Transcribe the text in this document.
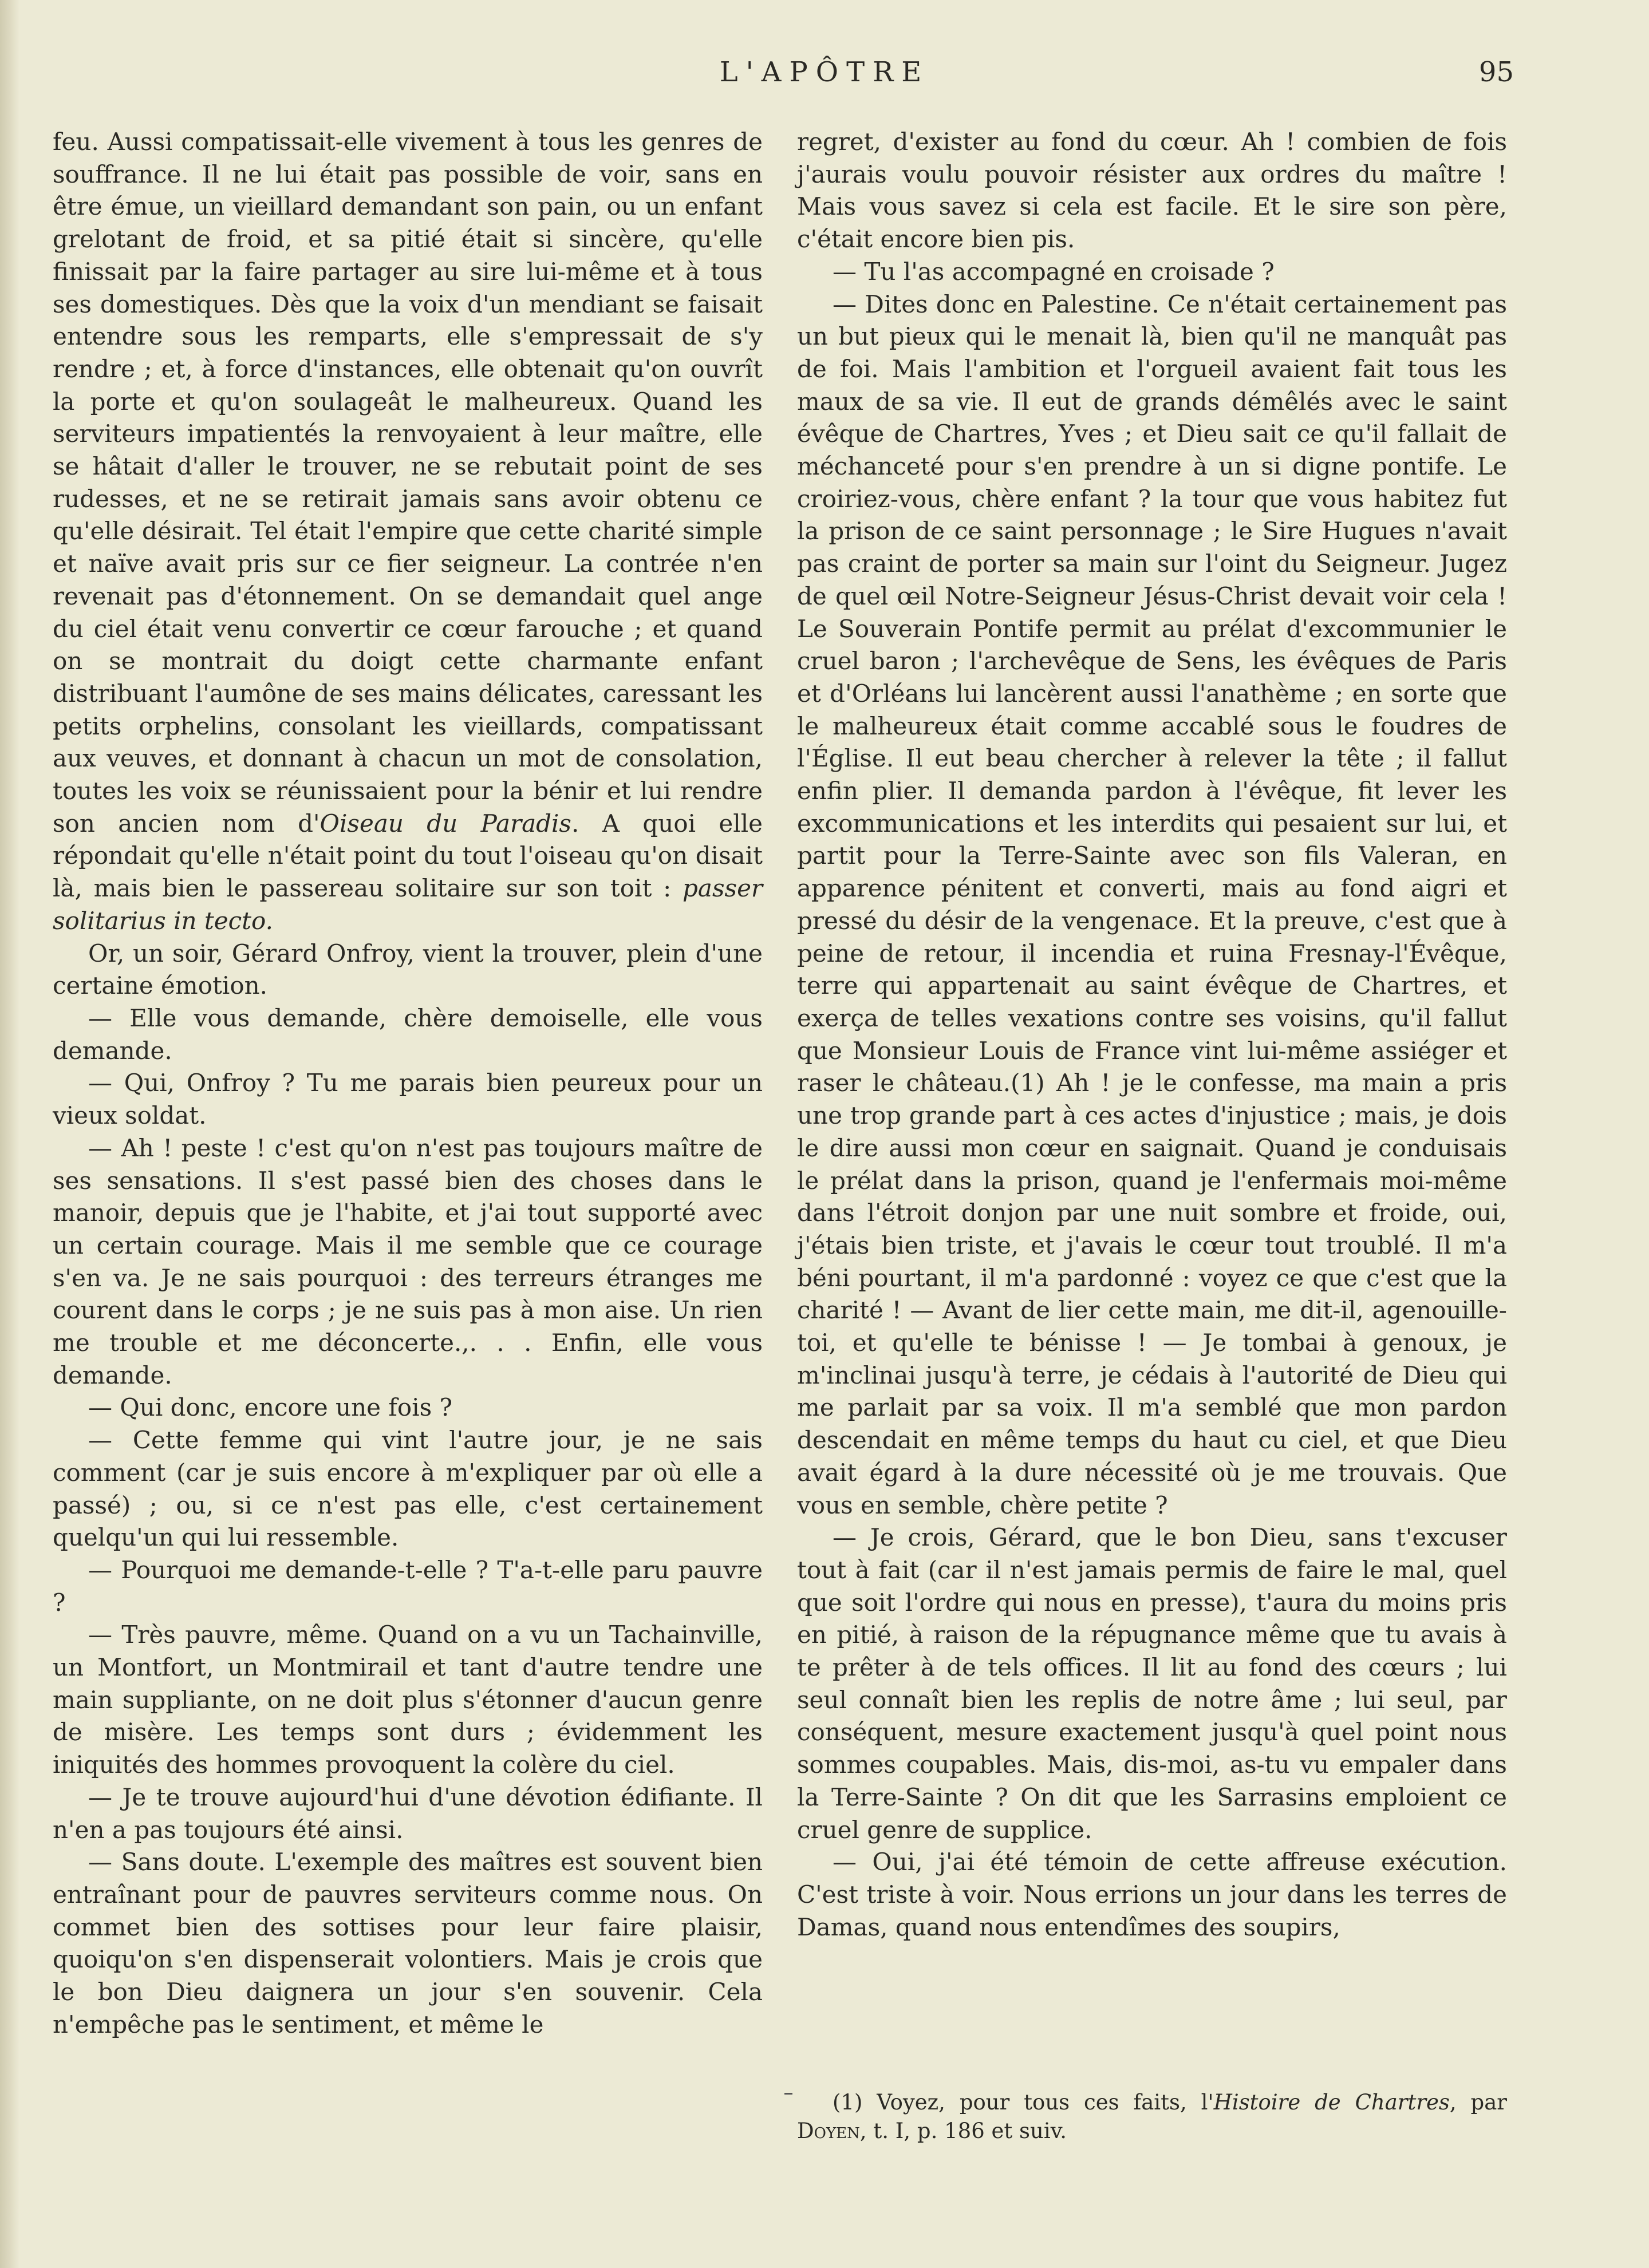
L'APÔTRE	95

feu. Aussi compatissait-elle vivement à tous les genres de souffrance. Il ne lui était pas possible de voir, sans en être émue, un vieillard demandant son pain, ou un enfant grelotant de froid, et sa pitié était si sincère, qu'elle finissait par la faire partager au sire lui-même et à tous ses domestiques. Dès que la voix d'un mendiant se faisait entendre sous les remparts, elle s'empressait de s'y rendre ; et, à force d'instances, elle obtenait qu'on ouvrît la porte et qu'on soulageât le malheureux. Quand les serviteurs impatientés la renvoyaient à leur maître, elle se hâtait d'aller le trouver, ne se rebutait point de ses rudesses, et ne se retirait jamais sans avoir obtenu ce qu'elle désirait. Tel était l'empire que cette charité simple et naïve avait pris sur ce fier seigneur. La contrée n'en revenait pas d'étonnement. On se demandait quel ange du ciel était venu convertir ce cœur farouche ; et quand on se montrait du doigt cette charmante enfant distribuant l'aumône de ses mains délicates, caressant les petits orphelins, consolant les vieillards, compatissant aux veuves, et donnant à chacun un mot de consolation, toutes les voix se réunissaient pour la bénir et lui rendre son ancien nom d'Oiseau du Paradis. A quoi elle répondait qu'elle n'était point du tout l'oiseau qu'on disait là, mais bien le passereau solitaire sur son toit : passer solitarius in tecto.

Or, un soir, Gérard Onfroy, vient la trouver, plein d'une certaine émotion.

— Elle vous demande, chère demoiselle, elle vous demande.

— Qui, Onfroy ? Tu me parais bien peureux pour un vieux soldat.

— Ah ! peste ! c'est qu'on n'est pas toujours maître de ses sensations. Il s'est passé bien des choses dans le manoir, depuis que je l'habite, et j'ai tout supporté avec un certain courage. Mais il me semble que ce courage s'en va. Je ne sais pourquoi : des terreurs étranges me courent dans le corps ; je ne suis pas à mon aise. Un rien me trouble et me déconcerte.,. . . Enfin, elle vous demande.

— Qui donc, encore une fois ?

— Cette femme qui vint l'autre jour, je ne sais comment (car je suis encore à m'expliquer par où elle a passé) ; ou, si ce n'est pas elle, c'est certainement quelqu'un qui lui ressemble.

— Pourquoi me demande-t-elle ? T'a-t-elle paru pauvre ?

— Très pauvre, même. Quand on a vu un Tachainville, un Montfort, un Montmirail et tant d'autre tendre une main suppliante, on ne doit plus s'étonner d'aucun genre de misère. Les temps sont durs ; évidemment les iniquités des hommes provoquent la colère du ciel.

— Je te trouve aujourd'hui d'une dévotion édifiante. Il n'en a pas toujours été ainsi.

— Sans doute. L'exemple des maîtres est souvent bien entraînant pour de pauvres serviteurs comme nous. On commet bien des sottises pour leur faire plaisir, quoiqu'on s'en dispenserait volontiers. Mais je crois que le bon Dieu daignera un jour s'en souvenir. Cela n'empêche pas le sentiment, et même le

regret, d'exister au fond du cœur. Ah ! combien de fois j'aurais voulu pouvoir résister aux ordres du maître ! Mais vous savez si cela est facile. Et le sire son père, c'était encore bien pis.

— Tu l'as accompagné en croisade ?

— Dites donc en Palestine. Ce n'était certainement pas un but pieux qui le menait là, bien qu'il ne manquât pas de foi. Mais l'ambition et l'orgueil avaient fait tous les maux de sa vie. Il eut de grands démêlés avec le saint évêque de Chartres, Yves ; et Dieu sait ce qu'il fallait de méchanceté pour s'en prendre à un si digne pontife. Le croiriez-vous, chère enfant ? la tour que vous habitez fut la prison de ce saint personnage ; le Sire Hugues n'avait pas craint de porter sa main sur l'oint du Seigneur. Jugez de quel œil Notre-Seigneur Jésus-Christ devait voir cela ! Le Souverain Pontife permit au prélat d'excommunier le cruel baron ; l'archevêque de Sens, les évêques de Paris et d'Orléans lui lancèrent aussi l'anathème ; en sorte que le malheureux était comme accablé sous le foudres de l'Église. Il eut beau chercher à relever la tête ; il fallut enfin plier. Il demanda pardon à l'évêque, fit lever les excommunications et les interdits qui pesaient sur lui, et partit pour la Terre-Sainte avec son fils Valeran, en apparence pénitent et converti, mais au fond aigri et pressé du désir de la vengenace. Et la preuve, c'est que à peine de retour, il incendia et ruina Fresnay-l'Évêque, terre qui appartenait au saint évêque de Chartres, et exerça de telles vexations contre ses voisins, qu'il fallut que Monsieur Louis de France vint lui-même assiéger et raser le château.(1) Ah ! je le confesse, ma main a pris une trop grande part à ces actes d'injustice ; mais, je dois le dire aussi mon cœur en saignait. Quand je conduisais le prélat dans la prison, quand je l'enfermais moi-même dans l'étroit donjon par une nuit sombre et froide, oui, j'étais bien triste, et j'avais le cœur tout troublé. Il m'a béni pourtant, il m'a pardonné : voyez ce que c'est que la charité ! — Avant de lier cette main, me dit-il, agenouille-toi, et qu'elle te bénisse ! — Je tombai à genoux, je m'inclinai jusqu'à terre, je cédais à l'autorité de Dieu qui me parlait par sa voix. Il m'a semblé que mon pardon descendait en même temps du haut cu ciel, et que Dieu avait égard à la dure nécessité où je me trouvais. Que vous en semble, chère petite ?

— Je crois, Gérard, que le bon Dieu, sans t'excuser tout à fait (car il n'est jamais permis de faire le mal, quel que soit l'ordre qui nous en presse), t'aura du moins pris en pitié, à raison de la répugnance même que tu avais à te prêter à de tels offices. Il lit au fond des cœurs ; lui seul connaît bien les replis de notre âme ; lui seul, par conséquent, mesure exactement jusqu'à quel point nous sommes coupables. Mais, dis-moi, as-tu vu empaler dans la Terre-Sainte ? On dit que les Sarrasins emploient ce cruel genre de supplice.

— Oui, j'ai été témoin de cette affreuse exécution. C'est triste à voir. Nous errions un jour dans les terres de Damas, quand nous entendîmes des soupirs,

(1) Voyez, pour tous ces faits, l'Histoire de Chartres, par Doyen, t. I, p. 186 et suiv.
